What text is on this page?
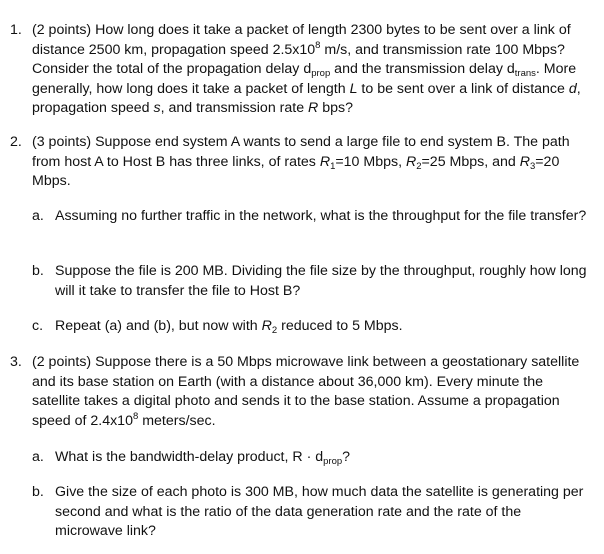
1. (2 points) How long does it take a packet of length 2300 bytes to be sent over a link of distance 2500 km, propagation speed $2.5x10^8$ m/s, and transmission rate 100 Mbps? Consider the total of the propagation delay $d_{prop}$ and the transmission delay $d_{trans}$. More generally, how long does it take a packet of length L to be sent over a link of distance d, propagation speed s, and transmission rate R bps?
2. (3 points) Suppose end system A wants to send a large file to end system B. The path from host A to Host B has three links, of rates $R_1=10$ Mbps, $R_2=25$ Mbps, and $R_3=20$ Mbps.
a. Assuming no further traffic in the network, what is the throughput for the file transfer?
b. Suppose the file is 200 MB. Dividing the file size by the throughput, roughly how long will it take to transfer the file to Host B?
c. Repeat (a) and (b), but now with $R_2$ reduced to 5 Mbps.
3. (2 points) Suppose there is a 50 Mbps microwave link between a geostationary satellite and its base station on Earth (with a distance about 36,000 km). Every minute the satellite takes a digital photo and sends it to the base station. Assume a propagation speed of $2.4x10^8$ meters/sec.
a. What is the bandwidth-delay product, $R \cdot d_{prop}$?
b. Give the size of each photo is 300 MB, how much data the satellite is generating per second and what is the ratio of the data generation rate and the rate of the microwave link?
